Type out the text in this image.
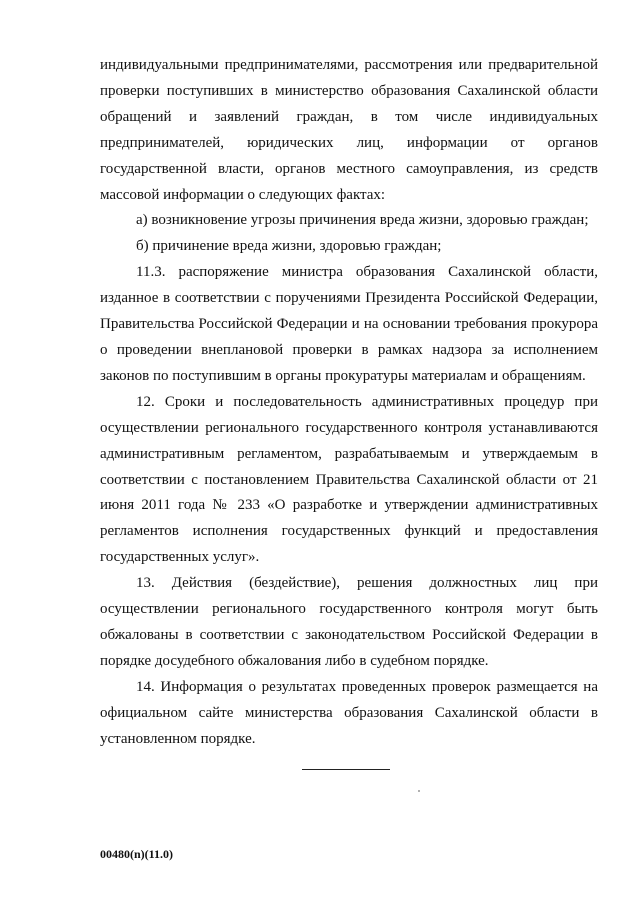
индивидуальными предпринимателями, рассмотрения или предварительной проверки поступивших в министерство образования Сахалинской области обращений и заявлений граждан, в том числе индивидуальных предпринимателей, юридических лиц, информации от органов государственной власти, органов местного самоуправления, из средств массовой информации о следующих фактах:

а) возникновение угрозы причинения вреда жизни, здоровью граждан;

б) причинение вреда жизни, здоровью граждан;

11.3. распоряжение министра образования Сахалинской области, изданное в соответствии с поручениями Президента Российской Федерации, Правительства Российской Федерации и на основании требования прокурора о проведении внеплановой проверки в рамках надзора за исполнением законов по поступившим в органы прокуратуры материалам и обращениям.

12. Сроки и последовательность административных процедур при осуществлении регионального государственного контроля устанавливаются административным регламентом, разрабатываемым и утверждаемым в соответствии с постановлением Правительства Сахалинской области от 21 июня 2011 года № 233 «О разработке и утверждении административных регламентов исполнения государственных функций и предоставления государственных услуг».

13. Действия (бездействие), решения должностных лиц при осуществлении регионального государственного контроля могут быть обжалованы в соответствии с законодательством Российской Федерации в порядке досудебного обжалования либо в судебном порядке.

14. Информация о результатах проведенных проверок размещается на официальном сайте министерства образования Сахалинской области в установленном порядке.

00480(n)(11.0)
